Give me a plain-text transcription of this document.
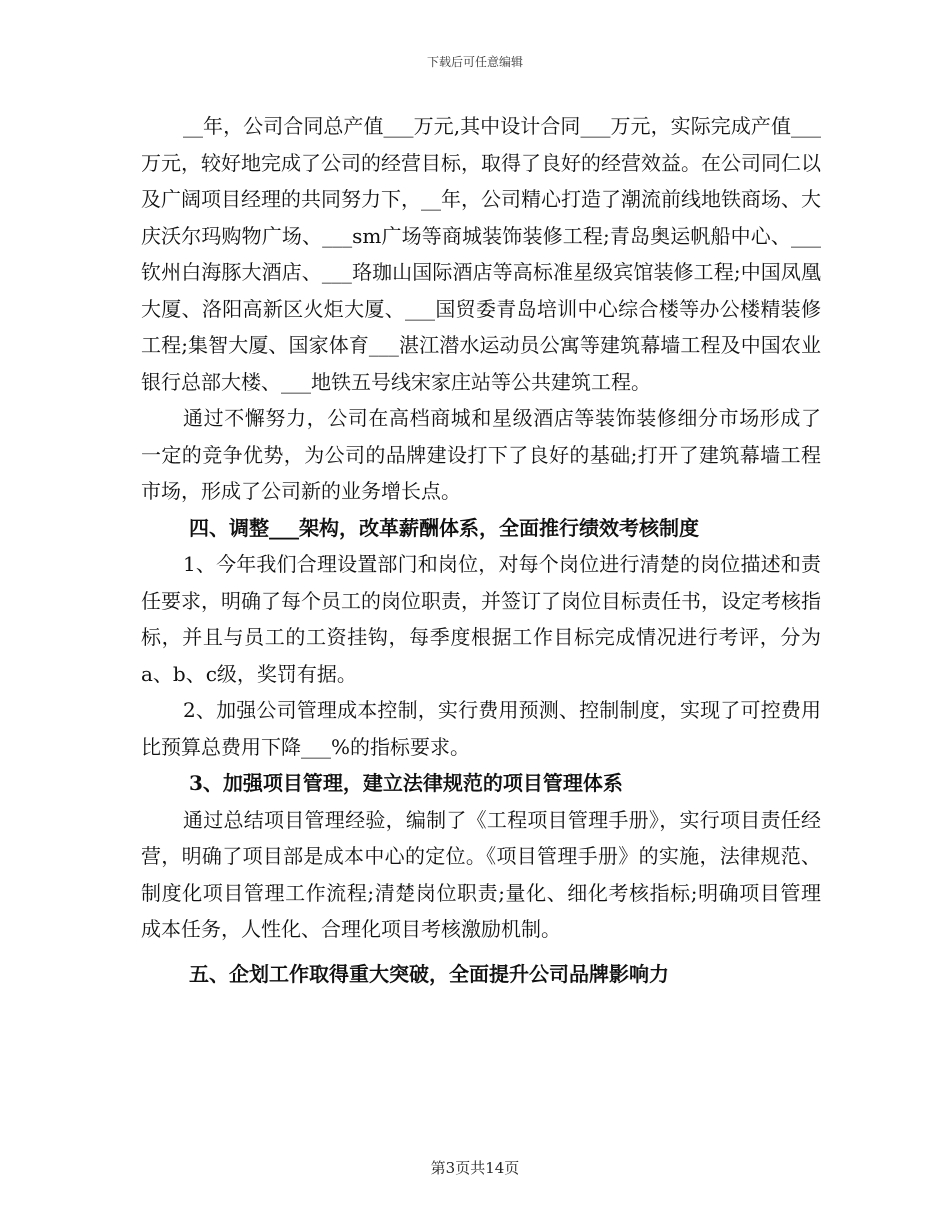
下载后可任意编辑

__年，公司合同总产值___万元,其中设计合同___万元，实际完成产值___万元，较好地完成了公司的经营目标，取得了良好的经营效益。在公司同仁以及广阔项目经理的共同努力下，__年，公司精心打造了潮流前线地铁商场、大庆沃尔玛购物广场、___sm广场等商城装饰装修工程;青岛奥运帆船中心、___钦州白海豚大酒店、___珞珈山国际酒店等高标准星级宾馆装修工程;中国凤凰大厦、洛阳高新区火炬大厦、___国贸委青岛培训中心综合楼等办公楼精装修工程;集智大厦、国家体育___湛江潜水运动员公寓等建筑幕墙工程及中国农业银行总部大楼、___地铁五号线宋家庄站等公共建筑工程。

通过不懈努力，公司在高档商城和星级酒店等装饰装修细分市场形成了一定的竞争优势，为公司的品牌建设打下了良好的基础;打开了建筑幕墙工程市场，形成了公司新的业务增长点。

四、调整___架构，改革薪酬体系，全面推行绩效考核制度

1、今年我们合理设置部门和岗位，对每个岗位进行清楚的岗位描述和责任要求，明确了每个员工的岗位职责，并签订了岗位目标责任书，设定考核指标，并且与员工的工资挂钩，每季度根据工作目标完成情况进行考评，分为a、b、c级，奖罚有据。

2、加强公司管理成本控制，实行费用预测、控制制度，实现了可控费用比预算总费用下降___%的指标要求。

3、加强项目管理，建立法律规范的项目管理体系

通过总结项目管理经验，编制了《工程项目管理手册》，实行项目责任经营，明确了项目部是成本中心的定位。《项目管理手册》的实施，法律规范、制度化项目管理工作流程;清楚岗位职责;量化、细化考核指标;明确项目管理成本任务，人性化、合理化项目考核激励机制。

五、企划工作取得重大突破，全面提升公司品牌影响力

第3页共14页
